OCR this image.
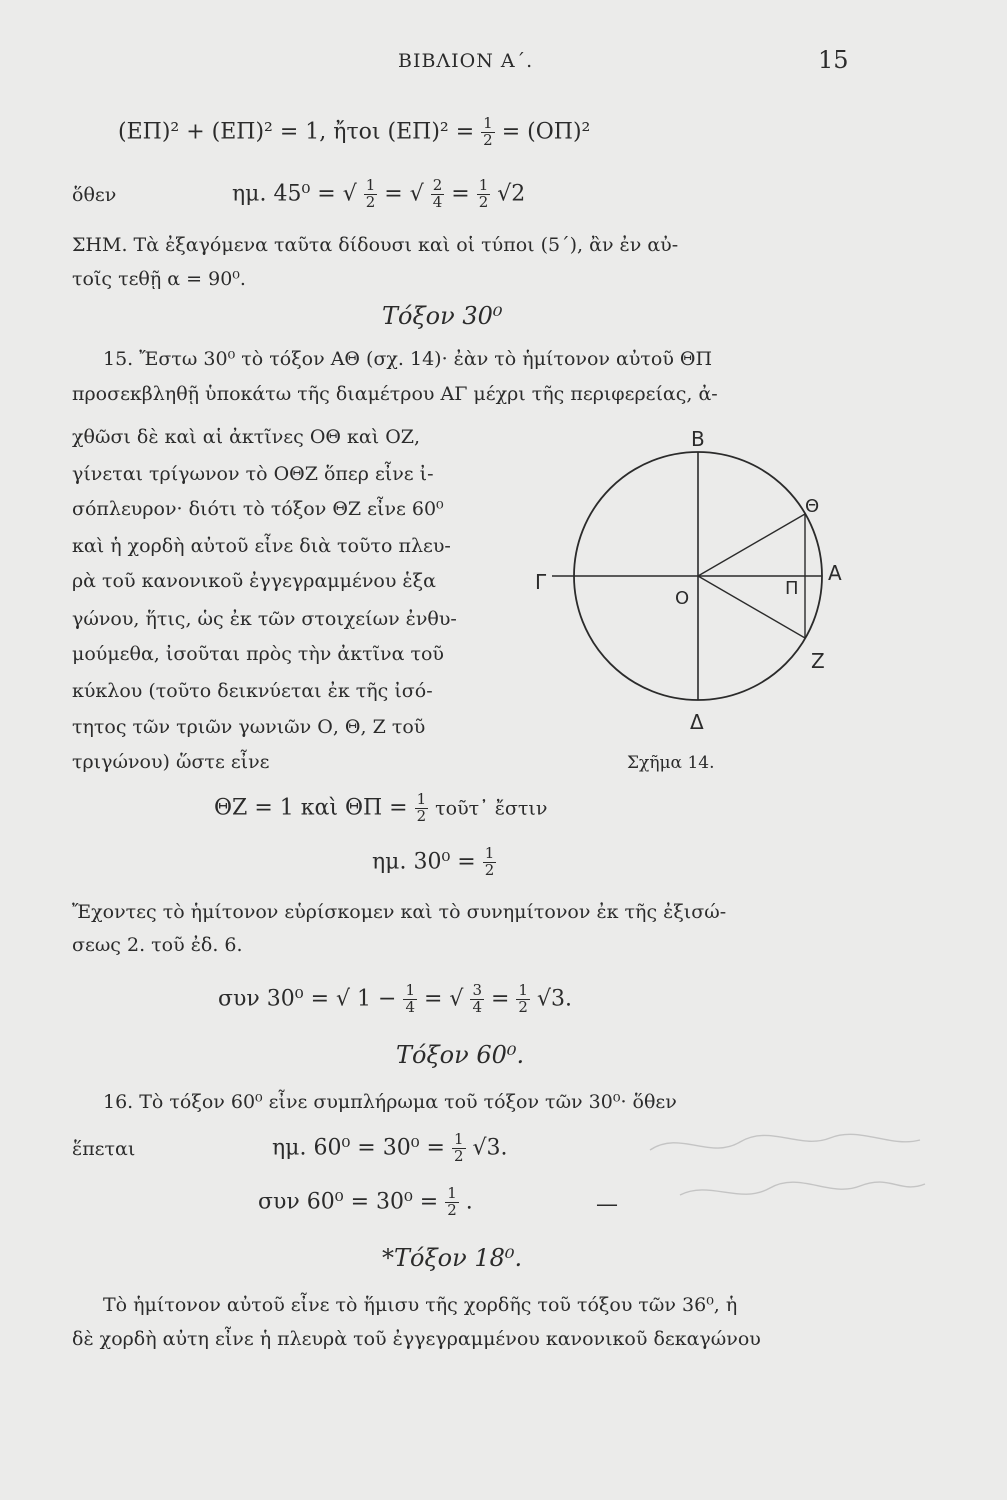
ΒΙΒΛΙΟΝ Α΄.	15
(ΕΠ)² + (ΕΠ)² = 1, ἤτοι $(E\Pi)^2 = \frac{1}{2} = (O\Pi)^2$
ὅθεν	ημ. 45⁰ = √ $\frac{1}{2}$ = √ $\frac{2}{4} = \frac{1}{2} √2$
ΣΗΜ. Τὰ ἐξαγόμενα ταῦτα δίδουσι καὶ οἱ τύποι (5΄), ἂν ἐν αὐ-
τοῖς τεθῇ α = 90⁰.
Τόξον 30⁰
15. Ἔστω 30⁰ τὸ τόξον ΑΘ (σχ. 14)· ἐὰν τὸ ἡμίτονον αὐτοῦ ΘΠ
προσεκβληθῇ ὑποκάτω τῆς διαμέτρου ΑΓ μέχρι τῆς περιφερείας, ἀ-
χθῶσι δὲ καὶ αἱ ἀκτῖνες ΟΘ καὶ ΟΖ,
γίνεται τρίγωνον τὸ ΟΘΖ ὅπερ εἶνε ἰ-
σόπλευρον· διότι τὸ τόξον ΘΖ εἶνε 60⁰
καὶ ἡ χορδὴ αὐτοῦ εἶνε διὰ τοῦτο πλευ-
ρὰ τοῦ κανονικοῦ ἐγγεγραμμένου ἑξα
γώνου, ἥτις, ὡς ἐκ τῶν στοιχείων ἐνθυ-
μούμεθα, ἰσοῦται πρὸς τὴν ἀκτῖνα τοῦ
κύκλου (τοῦτο δεικνύεται ἐκ τῆς ἰσό-
τητος τῶν τριῶν γωνιῶν Ο, Θ, Ζ τοῦ
τριγώνου) ὥστε εἶνε
Β
Θ
Α
Γ
Ο	Π
Ζ
Δ
Σχῆμα 14.
ΘΖ = 1 καὶ $\Theta\Pi = \frac{1}{2}$ τοῦτ᾽ ἔστιν
ημ. $30^0 = \frac{1}{2}$
Ἔχοντες τὸ ἡμίτονον εὑρίσκομεν καὶ τὸ συνημίτονον ἐκ τῆς ἐξισώ-
σεως 2. τοῦ ἐδ. 6.
συν 30⁰ = √ $1 - \frac{1}{4}$ = √ $\frac{3}{4} = \frac{1}{2} √3$.
Τόξον 60⁰.
16. Τὸ τόξον 60⁰ εἶνε συμπλήρωμα τοῦ τόξον τῶν 30⁰· ὅθεν
ἕπεται	ημ. $60^0 = 30^0 = \frac{1}{2} √3$.
συν $60^0 = 30^0 = \frac{1}{2}$ .	—
*Τόξον 18⁰.
Τὸ ἡμίτονον αὐτοῦ εἶνε τὸ ἥμισυ τῆς χορδῆς τοῦ τόξου τῶν 36⁰, ἡ
δὲ χορδὴ αὐτη εἶνε ἡ πλευρὰ τοῦ ἐγγεγραμμένου κανονικοῦ δεκαγώνου
